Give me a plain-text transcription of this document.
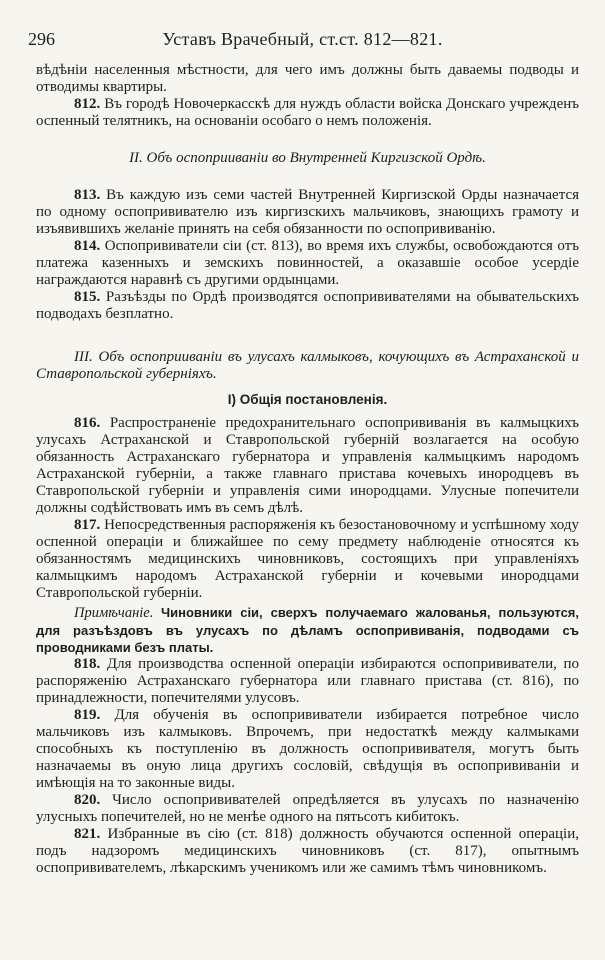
296	Уставъ Врачебный, ст.ст. 812—821.

вѣдѣніи населенныя мѣстности, для чего имъ должны быть даваемы подводы и отводимы квартиры.

812. Въ городѣ Новочеркасскѣ для нуждъ области войска Донскаго учрежденъ оспенный телятникъ, на основаніи особаго о немъ положенія.

II. Объ оспоприиваніи во Внутренней Киргизской Ордѣ.

813. Въ каждую изъ семи частей Внутренней Киргизской Орды назначается по одному оспопрививателю изъ киргизскихъ мальчиковъ, знающихъ грамоту и изъявившихъ желаніе принять на себя обязанности по оспопрививанію.

814. Оспопрививатели сіи (ст. 813), во время ихъ службы, освобождаются отъ платежа казенныхъ и земскихъ повинностей, а оказавшіе особое усердіе награждаются наравнѣ съ другими ордынцами.

815. Разъѣзды по Ордѣ производятся оспопрививателями на обывательскихъ подводахъ безплатно.

III. Объ оспоприиваніи въ улусахъ калмыковъ, кочующихъ въ Астраханской и Ставропольской губерніяхъ.

I) Общія постановленія.

816. Распространеніе предохранительнаго оспопрививанія въ калмыцкихъ улусахъ Астраханской и Ставропольской губерній возлагается на особую обязанность Астраханскаго губернатора и управленія калмыцкимъ народомъ Астраханской губерніи, а также главнаго пристава кочевыхъ инородцевъ въ Ставропольской губерніи и управленія сими инородцами. Улусные попечители должны содѣйствовать имъ въ семъ дѣлѣ.

817. Непосредственныя распоряженія къ безостановочному и успѣшному ходу оспенной операціи и ближайшее по сему предмету наблюденіе относятся къ обязанностямъ медицинскихъ чиновниковъ, состоящихъ при управленіяхъ калмыцкимъ народомъ Астраханской губерніи и кочевыми инородцами Ставропольской губерніи.

Примѣчаніе. Чиновники сіи, сверхъ получаемаго жалованья, пользуются, для разъѣздовъ въ улусахъ по дѣламъ оспопрививанія, подводами съ проводниками безъ платы.

818. Для производства оспенной операціи избираются оспопрививатели, по распоряженію Астраханскаго губернатора или главнаго пристава (ст. 816), по принадлежности, попечителями улусовъ.

819. Для обученія въ оспопрививатели избирается потребное число мальчиковъ изъ калмыковъ. Впрочемъ, при недостаткѣ между калмыками способныхъ къ поступленію въ должность оспопрививателя, могутъ быть назначаемы въ оную лица другихъ сословій, свѣдущія въ оспопрививаніи и имѣющія на то законные виды.

820. Число оспопрививателей опредѣляется въ улусахъ по назначенію улусныхъ попечителей, но не менѣе одного на пятьсотъ кибитокъ.

821. Избранные въ сію (ст. 818) должность обучаются оспенной операціи, подъ надзоромъ медицинскихъ чиновниковъ (ст. 817), опытнымъ оспопрививателемъ, лѣкарскимъ ученикомъ или же самимъ тѣмъ чиновникомъ.
